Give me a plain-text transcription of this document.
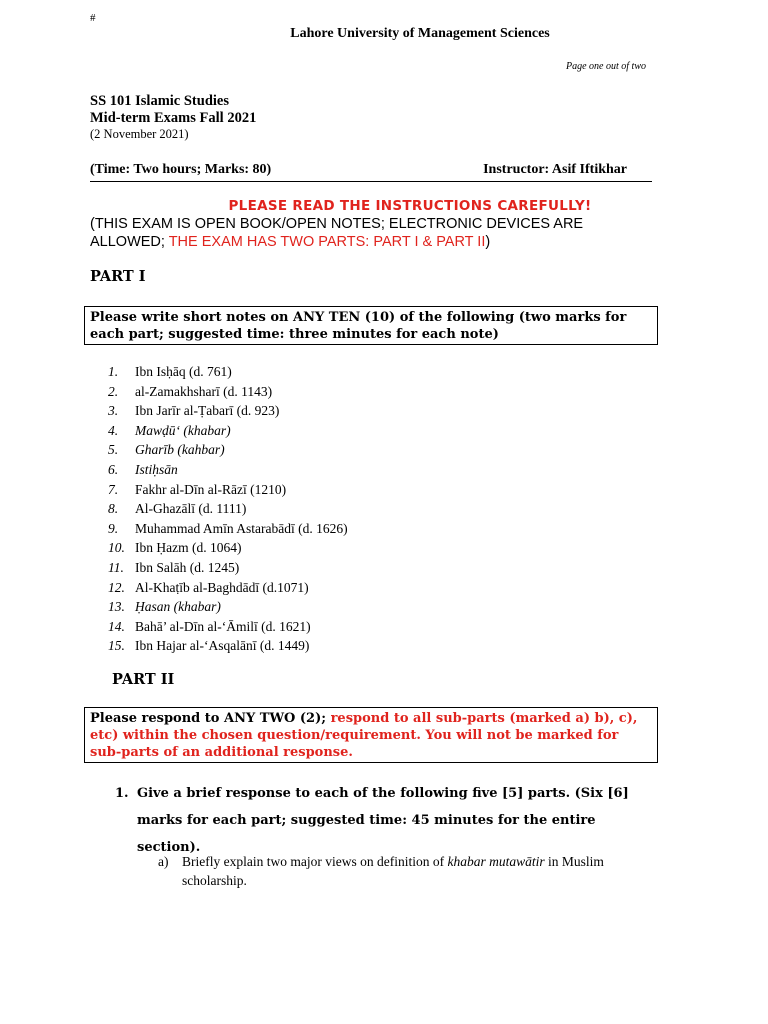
#
Lahore University of Management Sciences
Page one out of two
SS 101 Islamic Studies
Mid-term Exams Fall 2021
(2 November 2021)
(Time: Two hours; Marks: 80)	Instructor: Asif Iftikhar
PLEASE READ THE INSTRUCTIONS CAREFULLY!
(THIS EXAM IS OPEN BOOK/OPEN NOTES; ELECTRONIC DEVICES ARE ALLOWED; THE EXAM HAS TWO PARTS: PART I & PART II)
PART I
Please write short notes on ANY TEN (10) of the following (two marks for each part; suggested time: three minutes for each note)
1. Ibn Isḥāq (d. 761)
2. al-Zamakhsharī (d. 1143)
3. Ibn Jarīr al-Ṭabarī (d. 923)
4. Mawḍū‘ (khabar)
5. Gharīb (kahbar)
6. Istiḥsān
7. Fakhr al-Dīn al-Rāzī (1210)
8. Al-Ghazālī (d. 1111)
9. Muhammad Amīn Astarabādī (d. 1626)
10. Ibn Ḥazm (d. 1064)
11. Ibn Salāh (d. 1245)
12. Al-Khaṭīb al-Baghdādī (d.1071)
13. Ḥasan (khabar)
14. Bahā’ al-Dīn al-‘Āmilī (d. 1621)
15. Ibn Hajar al-‘Asqalānī (d. 1449)
PART II
Please respond to ANY TWO (2); respond to all sub-parts (marked a) b), c), etc) within the chosen question/requirement. You will not be marked for sub-parts of an additional response.
1. Give a brief response to each of the following five [5] parts. (Six [6] marks for each part; suggested time: 45 minutes for the entire section).
a) Briefly explain two major views on definition of khabar mutawātir in Muslim scholarship.
